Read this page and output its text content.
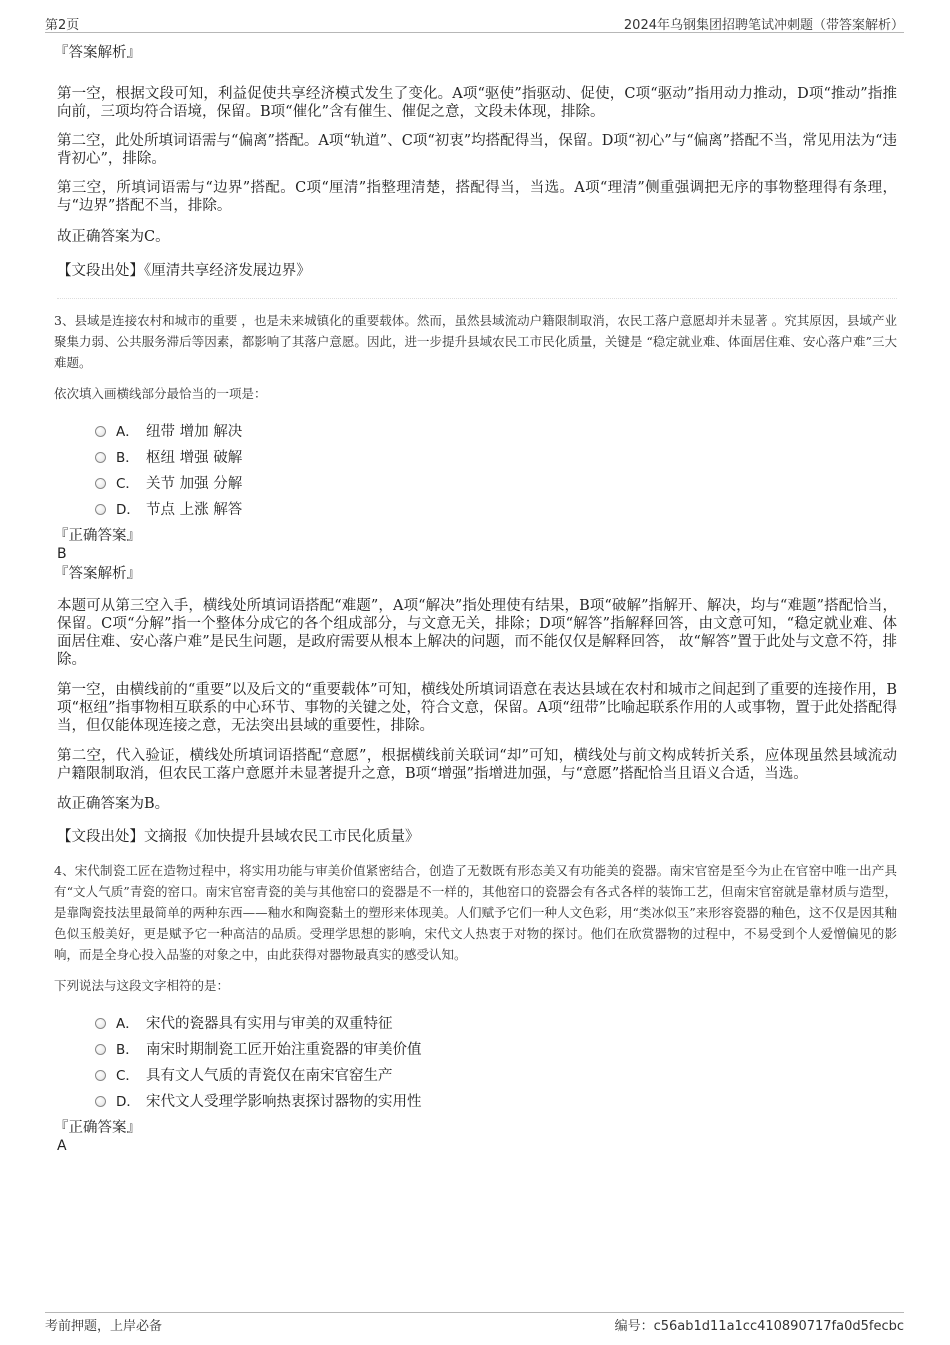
第2页	2024年乌钢集团招聘笔试冲刺题（带答案解析）
『答案解析』

第一空，根据文段可知，利益促使共享经济模式发生了变化。A项“驱使”指驱动、促使，C项“驱动”指用动力推动，D项“推动”指推向前，三项均符合语境，保留。B项“催化”含有催生、催促之意，文段未体现，排除。

第二空，此处所填词语需与“偏离”搭配。A项“轨道”、C项“初衷”均搭配得当，保留。D项“初心”与“偏离”搭配不当，常见用法为“违背初心”，排除。

第三空，所填词语需与“边界”搭配。C项“厘清”指整理清楚，搭配得当，当选。A项“理清”侧重强调把无序的事物整理得有条理，与“边界”搭配不当，排除。

故正确答案为C。

【文段出处】《厘清共享经济发展边界》

3、县域是连接农村和城市的重要 ，也是未来城镇化的重要载体。然而，虽然县域流动户籍限制取消，农民工落户意愿却并未显著 。究其原因，县域产业聚集力弱、公共服务滞后等因素，都影响了其落户意愿。因此，进一步提升县域农民工市民化质量，关键是 “稳定就业难、体面居住难、安心落户难”三大难题。

依次填入画横线部分最恰当的一项是：

A． 纽带 增加 解决
B． 枢纽 增强 破解
C． 关节 加强 分解
D． 节点 上涨 解答
『正确答案』
B
『答案解析』

本题可从第三空入手，横线处所填词语搭配“难题”，A项“解决”指处理使有结果，B项“破解”指解开、解决，均与“难题”搭配恰当，保留。C项“分解”指一个整体分成它的各个组成部分，与文意无关，排除；D项“解答”指解释回答，由文意可知，“稳定就业难、体面居住难、安心落户难”是民生问题，是政府需要从根本上解决的问题，而不能仅仅是解释回答， 故“解答”置于此处与文意不符，排除。

第一空，由横线前的“重要”以及后文的“重要载体”可知，横线处所填词语意在表达县域在农村和城市之间起到了重要的连接作用，B项“枢纽”指事物相互联系的中心环节、事物的关键之处，符合文意，保留。A项“纽带”比喻起联系作用的人或事物，置于此处搭配得当，但仅能体现连接之意，无法突出县域的重要性，排除。

第二空，代入验证，横线处所填词语搭配“意愿”，根据横线前关联词“却”可知，横线处与前文构成转折关系，应体现虽然县域流动户籍限制取消，但农民工落户意愿并未显著提升之意，B项“增强”指增进加强，与“意愿”搭配恰当且语义合适，当选。

故正确答案为B。

【文段出处】文摘报《加快提升县域农民工市民化质量》

4、宋代制瓷工匠在造物过程中，将实用功能与审美价值紧密结合，创造了无数既有形态美又有功能美的瓷器。南宋官窑是至今为止在官窑中唯一出产具有“文人气质”青瓷的窑口。南宋官窑青瓷的美与其他窑口的瓷器是不一样的，其他窑口的瓷器会有各式各样的装饰工艺，但南宋官窑就是靠材质与造型，是靠陶瓷技法里最简单的两种东西——釉水和陶瓷黏土的塑形来体现美。人们赋予它们一种人文色彩，用“类冰似玉”来形容瓷器的釉色，这不仅是因其釉色似玉般美好，更是赋予它一种高洁的品质。受理学思想的影响，宋代文人热衷于对物的探讨。他们在欣赏器物的过程中，不易受到个人爱憎偏见的影响，而是全身心投入品鉴的对象之中，由此获得对器物最真实的感受认知。

下列说法与这段文字相符的是：

A． 宋代的瓷器具有实用与审美的双重特征
B． 南宋时期制瓷工匠开始注重瓷器的审美价值
C． 具有文人气质的青瓷仅在南宋官窑生产
D． 宋代文人受理学影响热衷探讨器物的实用性
『正确答案』
A
考前押题，上岸必备	编号：c56ab1d11a1cc410890717fa0d5fecbc
